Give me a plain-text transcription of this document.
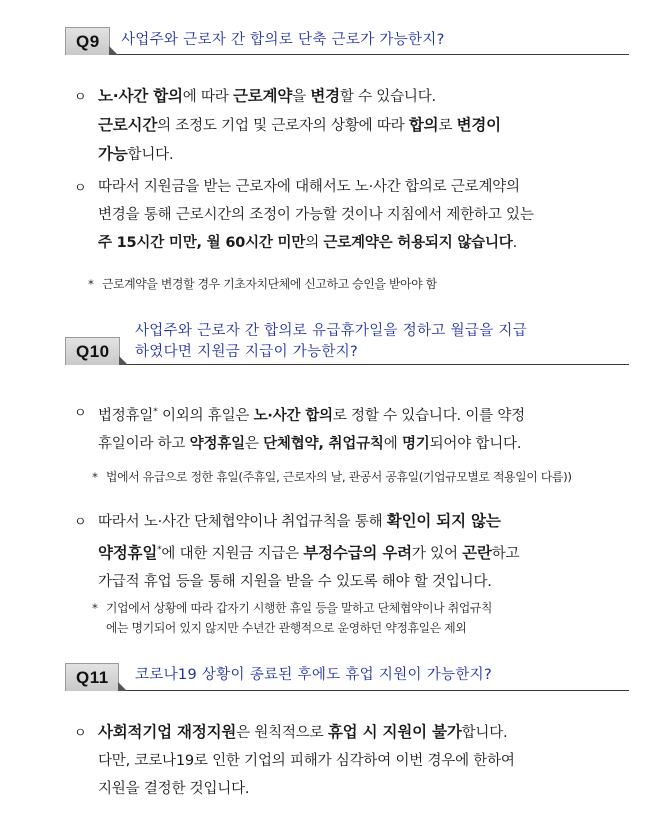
Q9	사업주와 근로자 간 합의로 단축 근로가 가능한지?
ㅇ 노·사간 합의에 따라 근로계약을 변경할 수 있습니다.
근로시간의 조정도 기업 및 근로자의 상황에 따라 합의로 변경이
가능합니다.
ㅇ 따라서 지원금을 받는 근로자에 대해서도 노·사간 합의로 근로계약의
변경을 통해 근로시간의 조정이 가능할 것이나 지침에서 제한하고 있는
주 15시간 미만, 월 60시간 미만의 근로계약은 허용되지 않습니다.
* 근로계약을 변경할 경우 기초자치단체에 신고하고 승인을 받아야 함
Q10
사업주와 근로자 간 합의로 유급휴가일을 정하고 월급을 지급
하였다면 지원금 지급이 가능한지?
ㅇ 법정휴일* 이외의 휴일은 노·사간 합의로 정할 수 있습니다. 이를 약정
휴일이라 하고 약정휴일은 단체협약, 취업규칙에 명기되어야 합니다.
* 법에서 유급으로 정한 휴일(주휴일, 근로자의 날, 관공서 공휴일(기업규모별로 적용일이 다름))
ㅇ 따라서 노·사간 단체협약이나 취업규칙을 통해 확인이 되지 않는
약정휴일*에 대한 지원금 지급은 부정수급의 우려가 있어 곤란하고
가급적 휴업 등을 통해 지원을 받을 수 있도록 해야 할 것입니다.
* 기업에서 상황에 따라 갑자기 시행한 휴일 등을 말하고 단체협약이나 취업규칙
에는 명기되어 있지 않지만 수년간 관행적으로 운영하던 약정휴일은 제외
Q11	코로나19 상황이 종료된 후에도 휴업 지원이 가능한지?
ㅇ 사회적기업 재정지원은 원칙적으로 휴업 시 지원이 불가합니다.
다만, 코로나19로 인한 기업의 피해가 심각하여 이번 경우에 한하여
지원을 결정한 것입니다.
